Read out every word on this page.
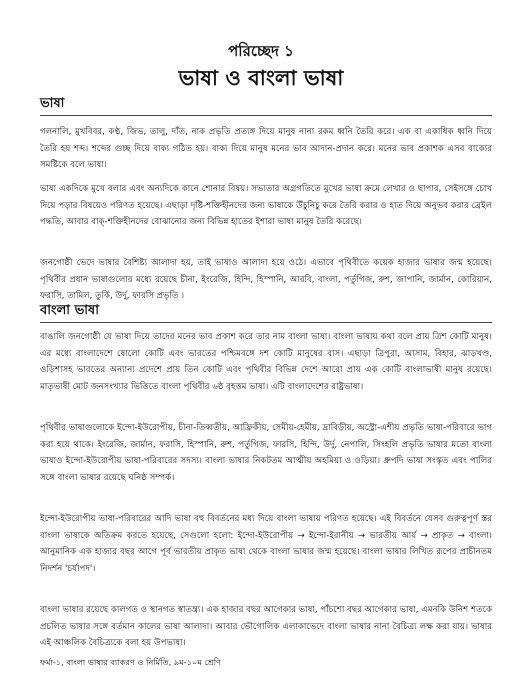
পরিচ্ছেদ ১
ভাষা ও বাংলা ভাষা
ভাষা

গলনালি, মুখবিবর, কণ্ঠ, জিভ, তালু, দাঁত, নাক প্রভৃতি প্রত্যঙ্গ দিয়ে মানুষ নানা রকম ধ্বনি তৈরি করে। এক বা একাধিক ধ্বনি দিয়ে তৈরি হয় শব্দ। শব্দের গুচ্ছ দিয়ে বাক্য গঠিত হয়। বাক্য দিয়ে মানুষ মনের ভাব আদান-প্রদান করে। মনের ভাব প্রকাশক এসব বাক্যের সমষ্টিকে বলে ভাষা।

ভাষা একদিকে মুখে বলার এবং অন্যদিকে কানে শোনার বিষয়। সভ্যতার অগ্রগতিতে মুখের ভাষা ক্রমে লেখার ও ছাপার, সেইসঙ্গে চোখ দিয়ে পড়ার বিষয়েও পরিণত হয়েছে। এছাড়া দৃষ্টি-শক্তিহীনদের জন্য ভাষাকে উঁচুনিচু করে তৈরি করার ও হাত দিয়ে অনুভব করার ব্রেইল পদ্ধতি, আবার বাক্-শক্তিহীনদের বোঝানোর জন্য বিভিন্ন হাতের ইশারা ভাষা মানুষ তৈরি করেছে।

জনগোষ্ঠী ভেদে ভাষার বৈশিষ্ট্য আলাদা হয়, তাই ভাষাও আলাদা হয়ে ওঠে। এভাবে পৃথিবীতে কয়েক হাজার ভাষার জন্ম হয়েছে। পৃথিবীর প্রধান ভাষাগুলোর মধ্যে রয়েছে চীনা, ইংরেজি, হিন্দি, হিস্পানি, আরবি, বাংলা, পর্তুগিজ, রুশ, জাপানি, জার্মান, কোরিয়ান, ফরাসি, তামিল, তুর্কি, উর্দু, ফারসি প্রভৃতি ।

বাংলা ভাষা

বাঙালি জনগোষ্ঠী যে ভাষা দিয়ে তাদের মনের ভাব প্রকাশ করে তার নাম বাংলা ভাষা। বাংলা ভাষায় কথা বলে প্রায় ত্রিশ কোটি মানুষ। এর মধ্যে বাংলাদেশে ষোলো কোটি এবং ভারতের পশ্চিমবঙ্গে দশ কোটি মানুষের বাস। এছাড়া ত্রিপুরা, আসাম, বিহার, ঝাড়খণ্ড, ওড়িশাসহ ভারতের অন্যান্য প্রদেশে প্রায় তিন কোটি এবং পৃথিবীর বিভিন্ন দেশে আরো প্রায় এক কোটি বাংলাভাষী মানুষ রয়েছে। মাতৃভাষী মোট জনসংখ্যার ভিত্তিতে বাংলা পৃথিবীর ৬ষ্ঠ বৃহত্তম ভাষা। এটি বাংলাদেশের রাষ্ট্রভাষা।

পৃথিবীর ভাষাগুলোকে ইন্দো-ইউরোপীয়, চীনা-তিব্বতীয়, আফ্রিকীয়, সেমীয়-হেমীয়, দ্রাবিড়ীয়, অস্ট্রো-এশীয় প্রভৃতি ভাষা-পরিবারে ভাগ করা হয়ে থাকে। ইংরেজি, জার্মান, ফরাসি, হিস্পানি, রুশ, পর্তুগিজ, ফারসি, হিন্দি, উর্দু, নেপালি, সিংহলি প্রভৃতি ভাষার মতো বাংলা ভাষাও ইন্দো-ইউরোপীয় ভাষা-পরিবারের সদস্য। বাংলা ভাষার নিকটতম আত্মীয় অহমিয়া ও ওড়িয়া। ধ্রুপদি ভাষা সংস্কৃত এবং পালির সঙ্গে বাংলা ভাষার রয়েছে ঘনিষ্ঠ সম্পর্ক।

ইন্দো-ইউরোপীয় ভাষা-পরিবারের আদি ভাষা বহু বিবর্তনের মধ্য দিয়ে বাংলা ভাষায় পরিণত হয়েছে। এই বিবর্তনে যেসব গুরুত্বপূর্ণ স্তর বাংলা ভাষাকে অতিক্রম করতে হয়েছে, সেগুলো হলো: ইন্দো-ইউরোপীয় → ইন্দো-ইরানীয় → ভারতীয় আর্য → প্রাকৃত → বাংলা। আনুমানিক এক হাজার বছর আগে পূর্ব ভারতীয় প্রাকৃত ভাষা থেকে বাংলা ভাষার জন্ম হয়েছে। বাংলা ভাষার লিখিত রূপের প্রাচীনতম নিদর্শন 'চর্যাপদ'।

বাংলা ভাষার রয়েছে কালগত ও স্থানগত স্বাতন্ত্র্য। এক হাজার বছর আগেকার ভাষা, পাঁচশো বছর আগেকার ভাষা, এমনকি উনিশ শতকে প্রচলিত ভাষার সঙ্গে বর্তমান কালের ভাষা আলাদা। আবার ভৌগোলিক এলাকাভেদে বাংলা ভাষার নানা বৈচিত্র্য লক্ষ করা যায়। ভাষার এই আঞ্চলিক বৈচিত্র্যকে বলা হয় উপভাষা।

ফর্মা-১, বাংলা ভাষার ব্যাকরণ ও নির্মিতি, ৯ম-১০ম শ্রেণি
